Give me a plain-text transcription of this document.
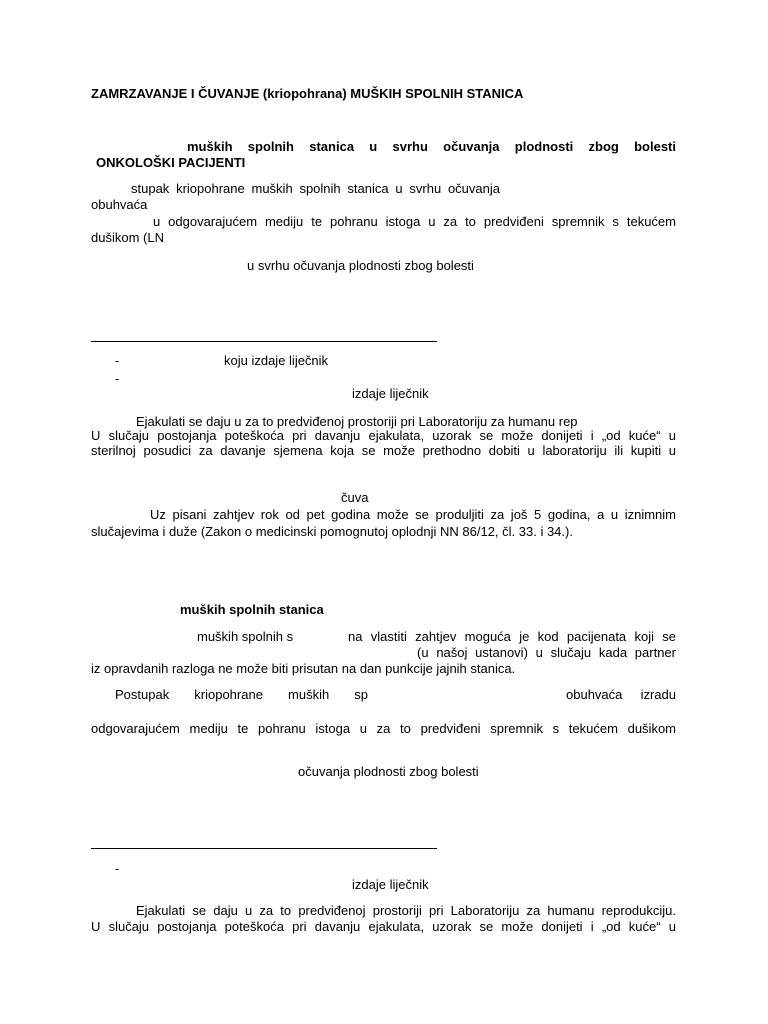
ZAMRZAVANJE I ČUVANJE (kriopohrana) MUŠKIH SPOLNIH STANICA
muških spolnih stanica u svrhu očuvanja plodnosti zbog bolesti
ONKOLOŠKI PACIJENTI
stupak kriopohrane muških spolnih stanica u svrhu očuvanja
obuhvaća
u odgovarajućem mediju te pohranu istoga u za to predviđeni spremnik s tekućem
dušikom (LN
u svrhu očuvanja plodnosti zbog bolesti
-	koju izdaje liječnik
-
izdaje liječnik
Ejakulati se daju u za to predviđenoj prostoriji pri Laboratoriju za humanu rep
U slučaju postojanja poteškoća pri davanju ejakulata, uzorak se može donijeti i „od kuće“ u
sterilnoj posudici za davanje sjemena koja se može prethodno dobiti u laboratoriju ili kupiti u
čuva
Uz pisani zahtjev rok od pet godina može se produljiti za još 5 godina, a u iznimnim
slučajevima i duže (Zakon o medicinski pomognutoj oplodnji NN 86/12, čl. 33. i 34.).
muških spolnih stanica
muških spolnih s	na vlastiti zahtjev moguća je kod pacijenata koji se
(u našoj ustanovi) u slučaju kada partner
iz opravdanih razloga ne može biti prisutan na dan punkcije jajnih stanica.
Postupak kriopohrane muških sp	obuhvaća izradu
odgovarajućem mediju te pohranu istoga u za to predviđeni spremnik s tekućem dušikom
očuvanja plodnosti zbog bolesti
-
izdaje liječnik
Ejakulati se daju u za to predviđenoj prostoriji pri Laboratoriju za humanu reprodukciju.
U slučaju postojanja poteškoća pri davanju ejakulata, uzorak se može donijeti i „od kuće“ u
